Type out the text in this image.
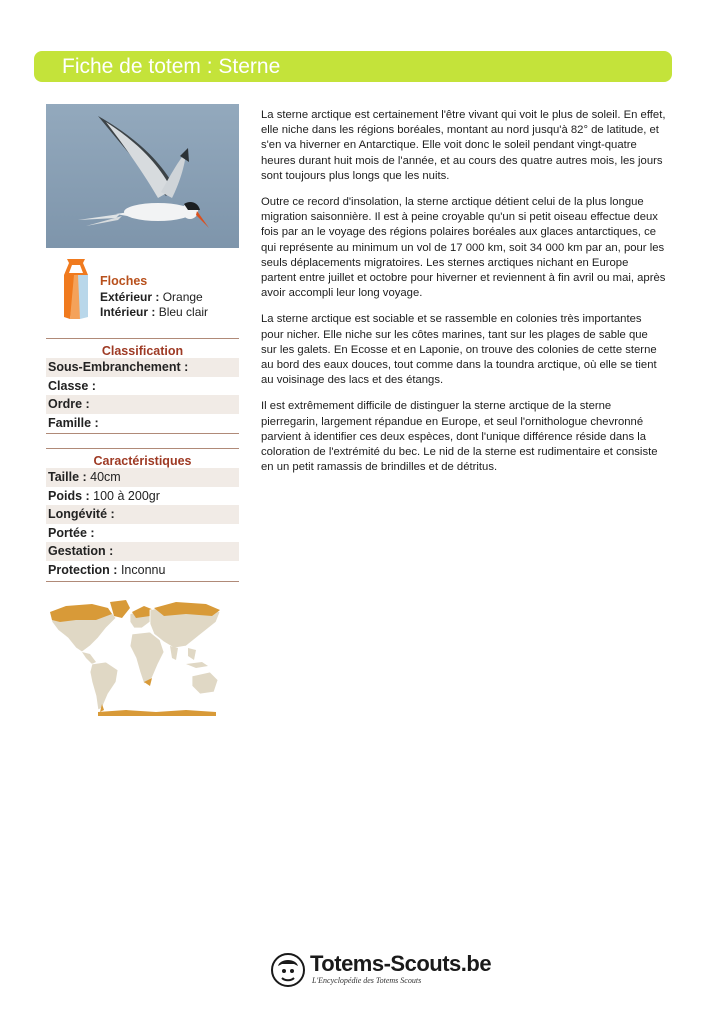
Fiche de totem : Sterne
Floches
Extérieur : Orange
Intérieur : Bleu clair
Classification
Sous-Embranchement :
Classe :
Ordre :
Famille :
Caractéristiques
Taille : 40cm
Poids : 100 à 200gr
Longévité :
Portée :
Gestation :
Protection : Inconnu

La sterne arctique est certainement l'être vivant qui voit le plus de soleil. En effet, elle niche dans les régions boréales, montant au nord jusqu'à 82° de latitude, et s'en va hiverner en Antarctique. Elle voit donc le soleil pendant vingt-quatre heures durant huit mois de l'année, et au cours des quatre autres mois, les jours sont toujours plus longs que les nuits.

Outre ce record d'insolation, la sterne arctique détient celui de la plus longue migration saisonnière. Il est à peine croyable qu'un si petit oiseau effectue deux fois par an le voyage des régions polaires boréales aux glaces antarctiques, ce qui représente au minimum un vol de 17 000 km, soit 34 000 km par an, pour les seuls déplacements migratoires. Les sternes arctiques nichant en Europe partent entre juillet et octobre pour hiverner et reviennent à fin avril ou mai, après avoir accompli leur long voyage.

La sterne arctique est sociable et se rassemble en colonies très importantes pour nicher. Elle niche sur les côtes marines, tant sur les plages de sable que sur les galets. En Ecosse et en Laponie, on trouve des colonies de cette sterne au bord des eaux douces, tout comme dans la toundra arctique, où elle se tient au voisinage des lacs et des étangs.

Il est extrêmement difficile de distinguer la sterne arctique de la sterne pierregarin, largement répandue en Europe, et seul l'ornithologue chevronné parvient à identifier ces deux espèces, dont l'unique différence réside dans la coloration de l'extrémité du bec. Le nid de la sterne est rudimentaire et consiste en un petit ramassis de brindilles et de détritus.

Totems-Scouts.be
L'Encyclopédie des Totems Scouts
